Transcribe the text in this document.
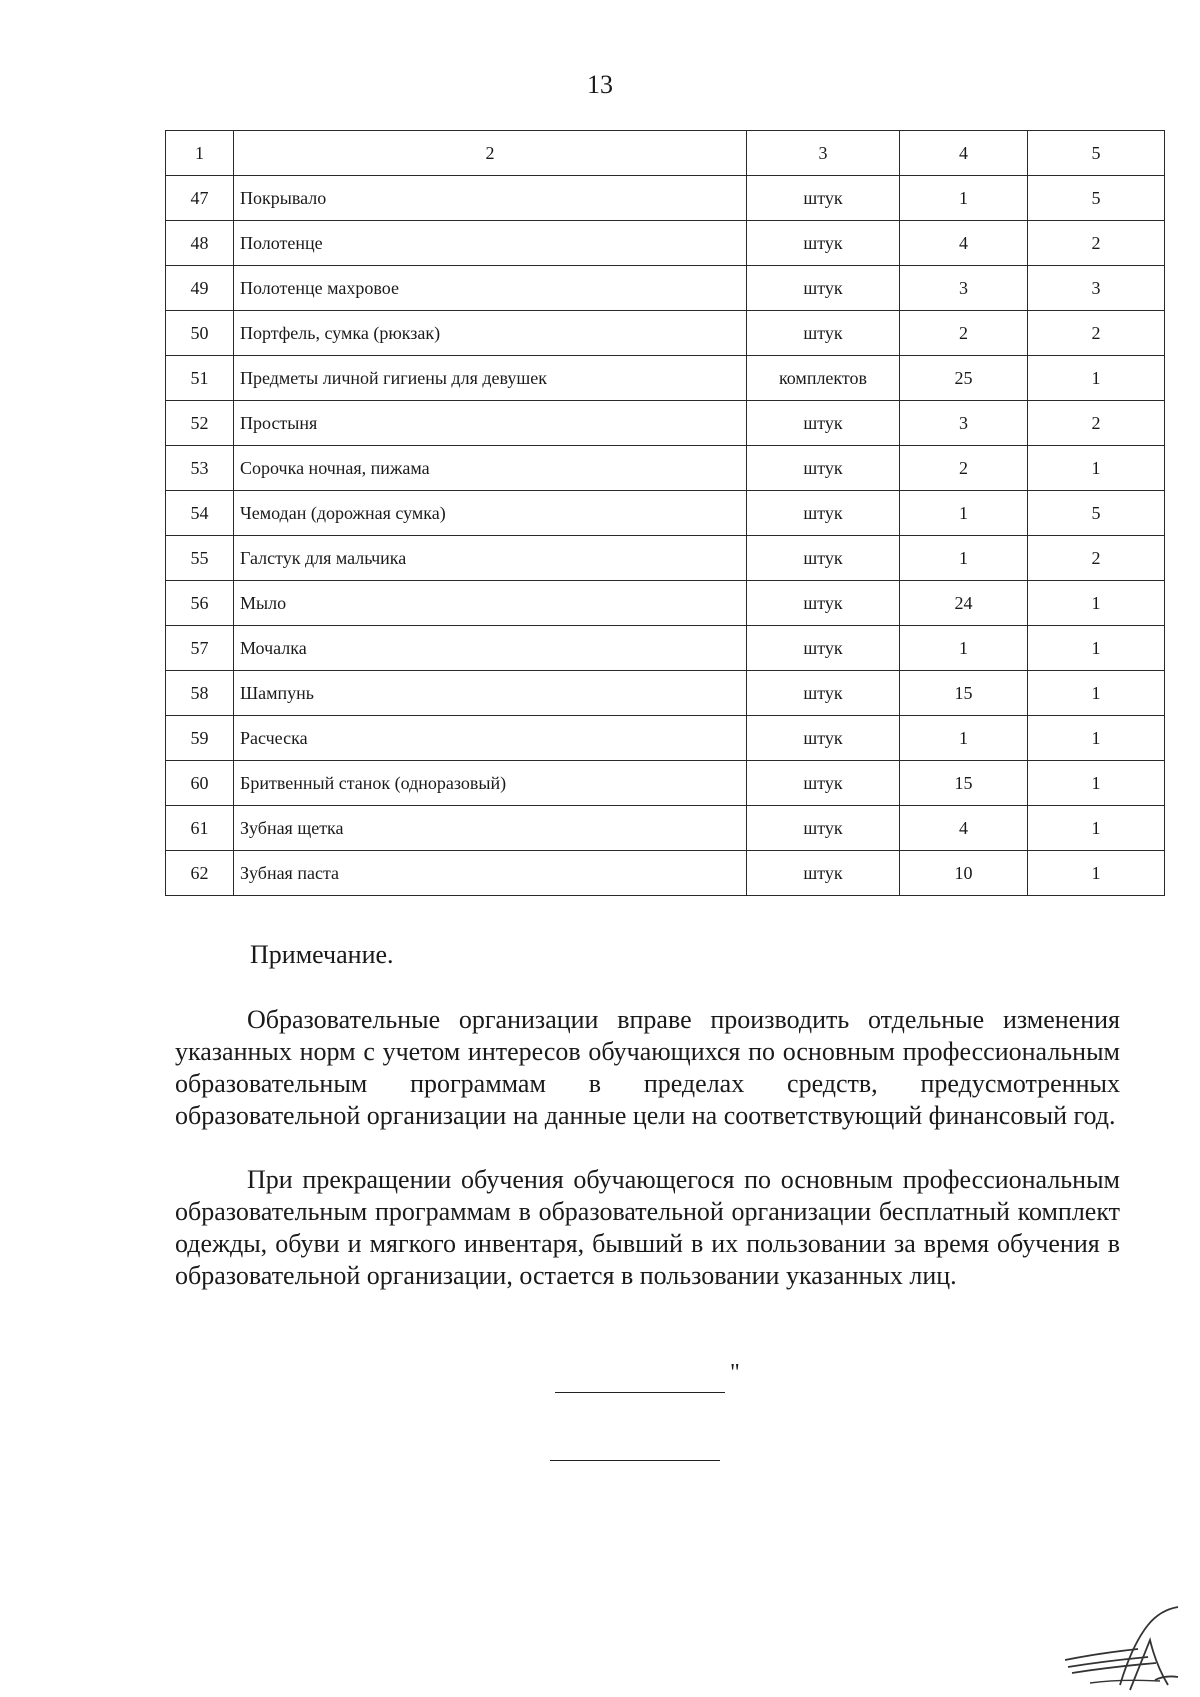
13
1	2	3	4	5
47	Покрывало	штук	1	5
48	Полотенце	штук	4	2
49	Полотенце махровое	штук	3	3
50	Портфель, сумка (рюкзак)	штук	2	2
51	Предметы личной гигиены для девушек	комплектов	25	1
52	Простыня	штук	3	2
53	Сорочка ночная, пижама	штук	2	1
54	Чемодан (дорожная сумка)	штук	1	5
55	Галстук для мальчика	штук	1	2
56	Мыло	штук	24	1
57	Мочалка	штук	1	1
58	Шампунь	штук	15	1
59	Расческа	штук	1	1
60	Бритвенный станок (одноразовый)	штук	15	1
61	Зубная щетка	штук	4	1
62	Зубная паста	штук	10	1
Примечание.

Образовательные организации вправе производить отдельные изменения указанных норм с учетом интересов обучающихся по основным профессиональным образовательным программам в пределах средств, предусмотренных образовательной организации на данные цели на соответствующий финансовый год.

При прекращении обучения обучающегося по основным профессиональным образовательным программам в образовательной организации бесплатный комплект одежды, обуви и мягкого инвентаря, бывший в их пользовании за время обучения в образовательной организации, остается в пользовании указанных лиц.

"
